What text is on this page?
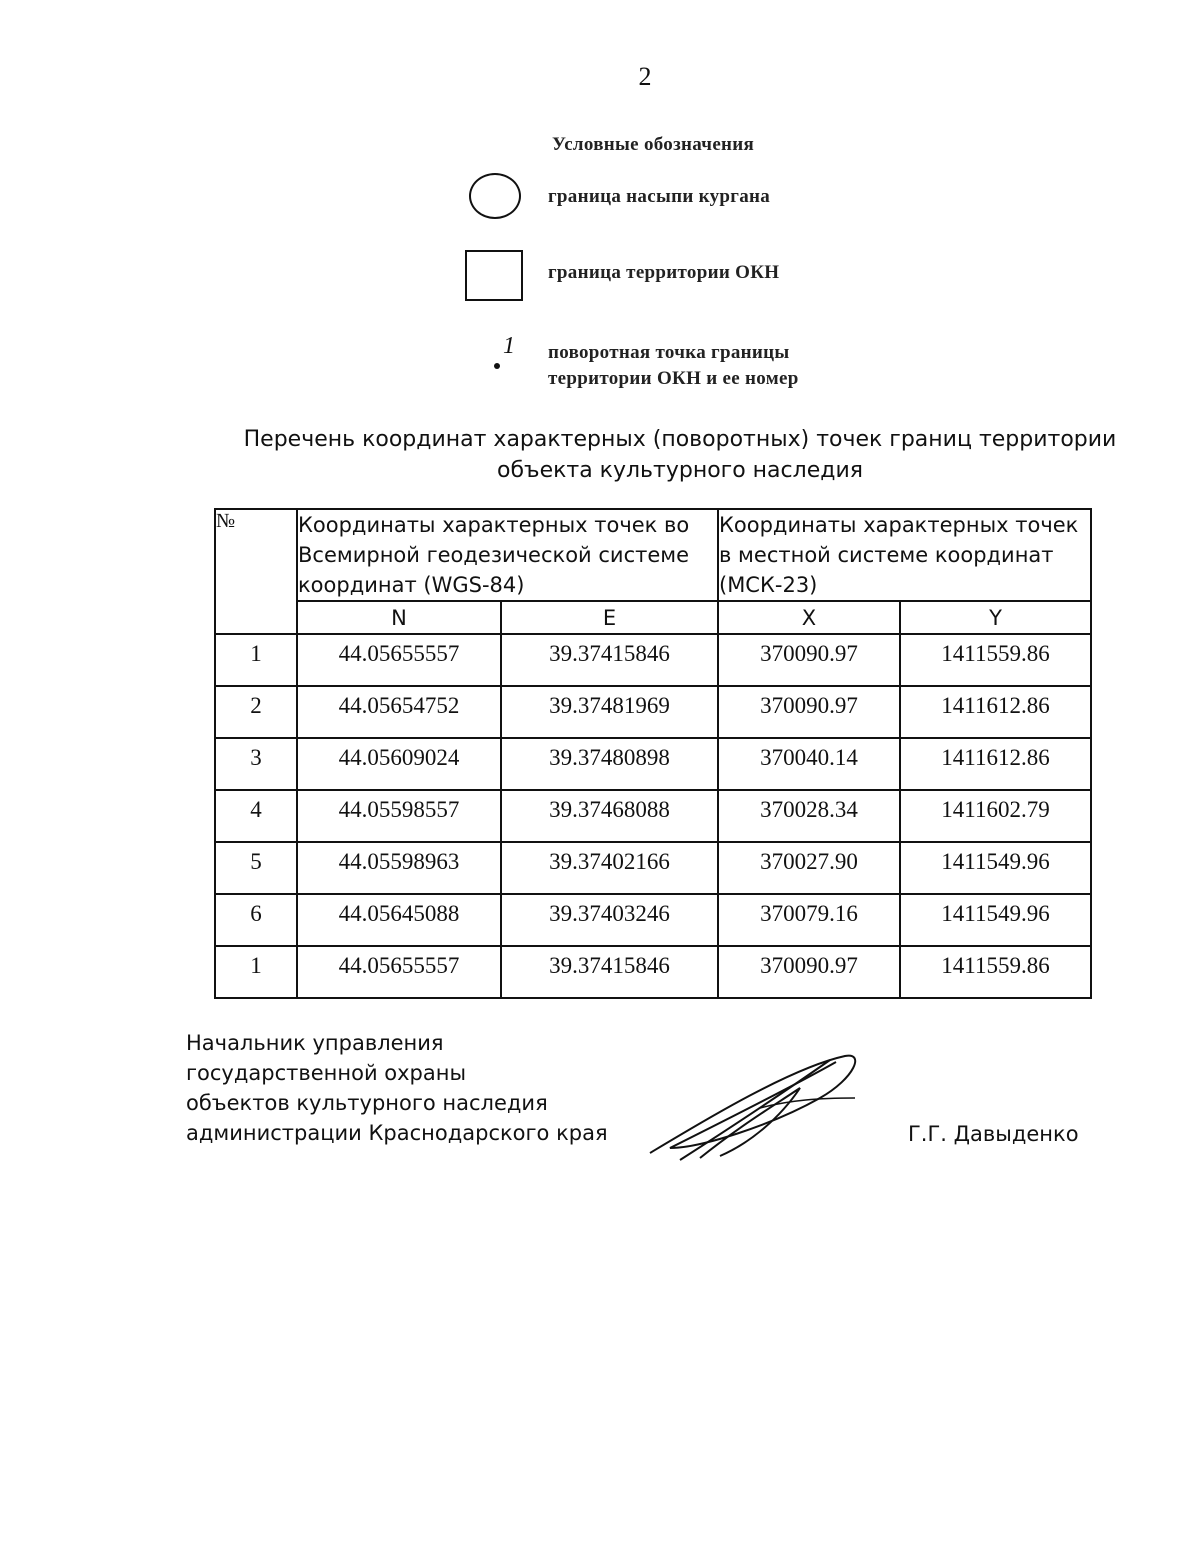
2
Условные обозначения
граница насыпи кургана
граница территории ОКН
1 поворотная точка границы
территории ОКН и ее номер
Перечень координат характерных (поворотных) точек границ территории
объекта культурного наследия
№	Координаты характерных точек во Всемирной геодезической системе координат (WGS-84)		Координаты характерных точек в местной системе координат (МСК-23)	
	N	E	X	Y
1	44.05655557	39.37415846	370090.97	1411559.86
2	44.05654752	39.37481969	370090.97	1411612.86
3	44.05609024	39.37480898	370040.14	1411612.86
4	44.05598557	39.37468088	370028.34	1411602.79
5	44.05598963	39.37402166	370027.90	1411549.96
6	44.05645088	39.37403246	370079.16	1411549.96
1	44.05655557	39.37415846	370090.97	1411559.86
Начальник управления
государственной охраны
объектов культурного наследия
администрации Краснодарского края	Г.Г. Давыденко
